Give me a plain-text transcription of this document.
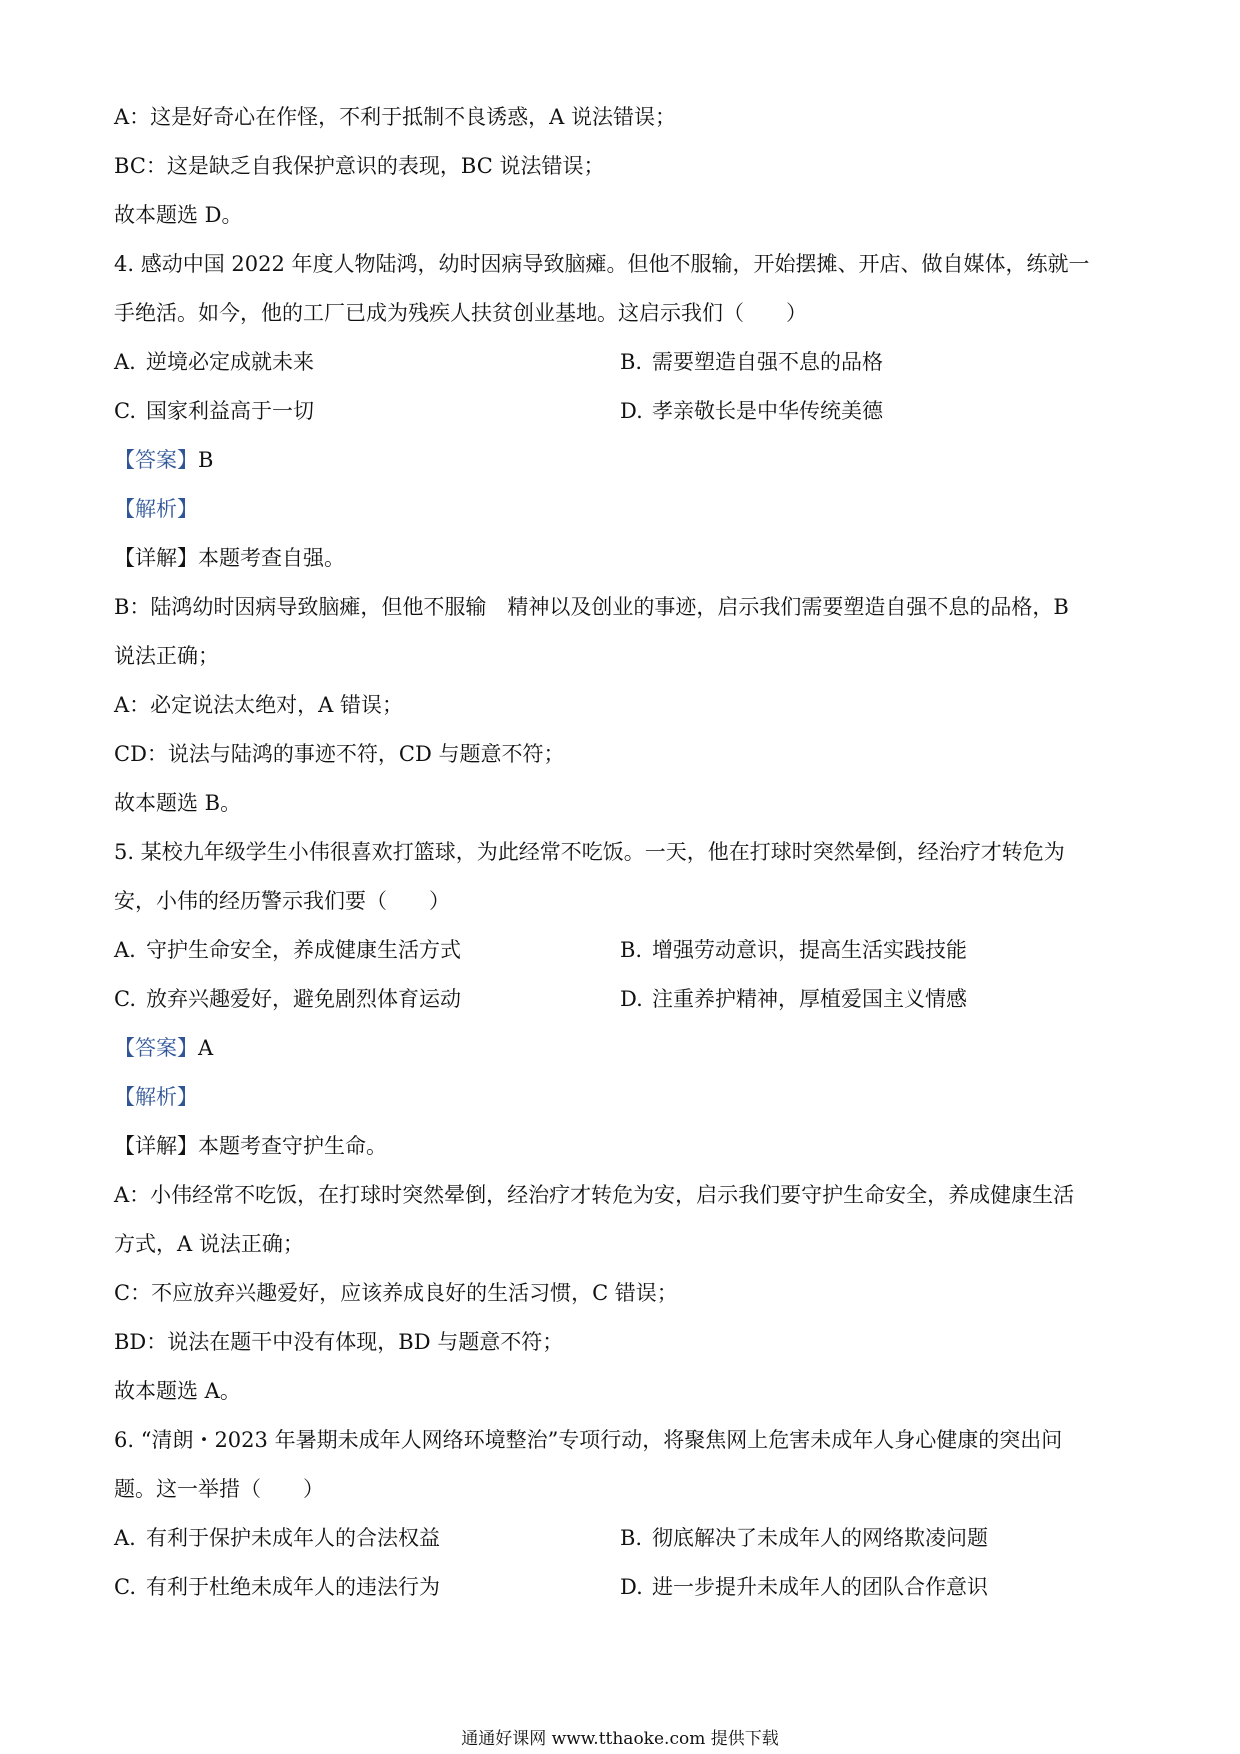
A：这是好奇心在作怪，不利于抵制不良诱惑，A 说法错误；
BC：这是缺乏自我保护意识的表现，BC 说法错误；
故本题选 D。
4. 感动中国 2022 年度人物陆鸿，幼时因病导致脑瘫。但他不服输，开始摆摊、开店、做自媒体，练就一
手绝活。如今，他的工厂已成为残疾人扶贫创业基地。这启示我们（　　）
A. 逆境必定成就未来	B. 需要塑造自强不息的品格
C. 国家利益高于一切	D. 孝亲敬长是中华传统美德
【答案】B
【解析】
【详解】本题考查自强。
B：陆鸿幼时因病导致脑瘫，但他不服输　精神以及创业的事迹，启示我们需要塑造自强不息的品格，B
说法正确；
A：必定说法太绝对，A 错误；
CD：说法与陆鸿的事迹不符，CD 与题意不符；
故本题选 B。
5. 某校九年级学生小伟很喜欢打篮球，为此经常不吃饭。一天，他在打球时突然晕倒，经治疗才转危为
安，小伟的经历警示我们要（　　）
A. 守护生命安全，养成健康生活方式	B. 增强劳动意识，提高生活实践技能
C. 放弃兴趣爱好，避免剧烈体育运动	D. 注重养护精神，厚植爱国主义情感
【答案】A
【解析】
【详解】本题考查守护生命。
A：小伟经常不吃饭，在打球时突然晕倒，经治疗才转危为安，启示我们要守护生命安全，养成健康生活
方式，A 说法正确；
C：不应放弃兴趣爱好，应该养成良好的生活习惯，C 错误；
BD：说法在题干中没有体现，BD 与题意不符；
故本题选 A。
6. “清朗・2023 年暑期未成年人网络环境整治”专项行动，将聚焦网上危害未成年人身心健康的突出问
题。这一举措（　　）
A. 有利于保护未成年人的合法权益	B. 彻底解决了未成年人的网络欺凌问题
C. 有利于杜绝未成年人的违法行为	D. 进一步提升未成年人的团队合作意识
通通好课网 www.tthaoke.com 提供下载
